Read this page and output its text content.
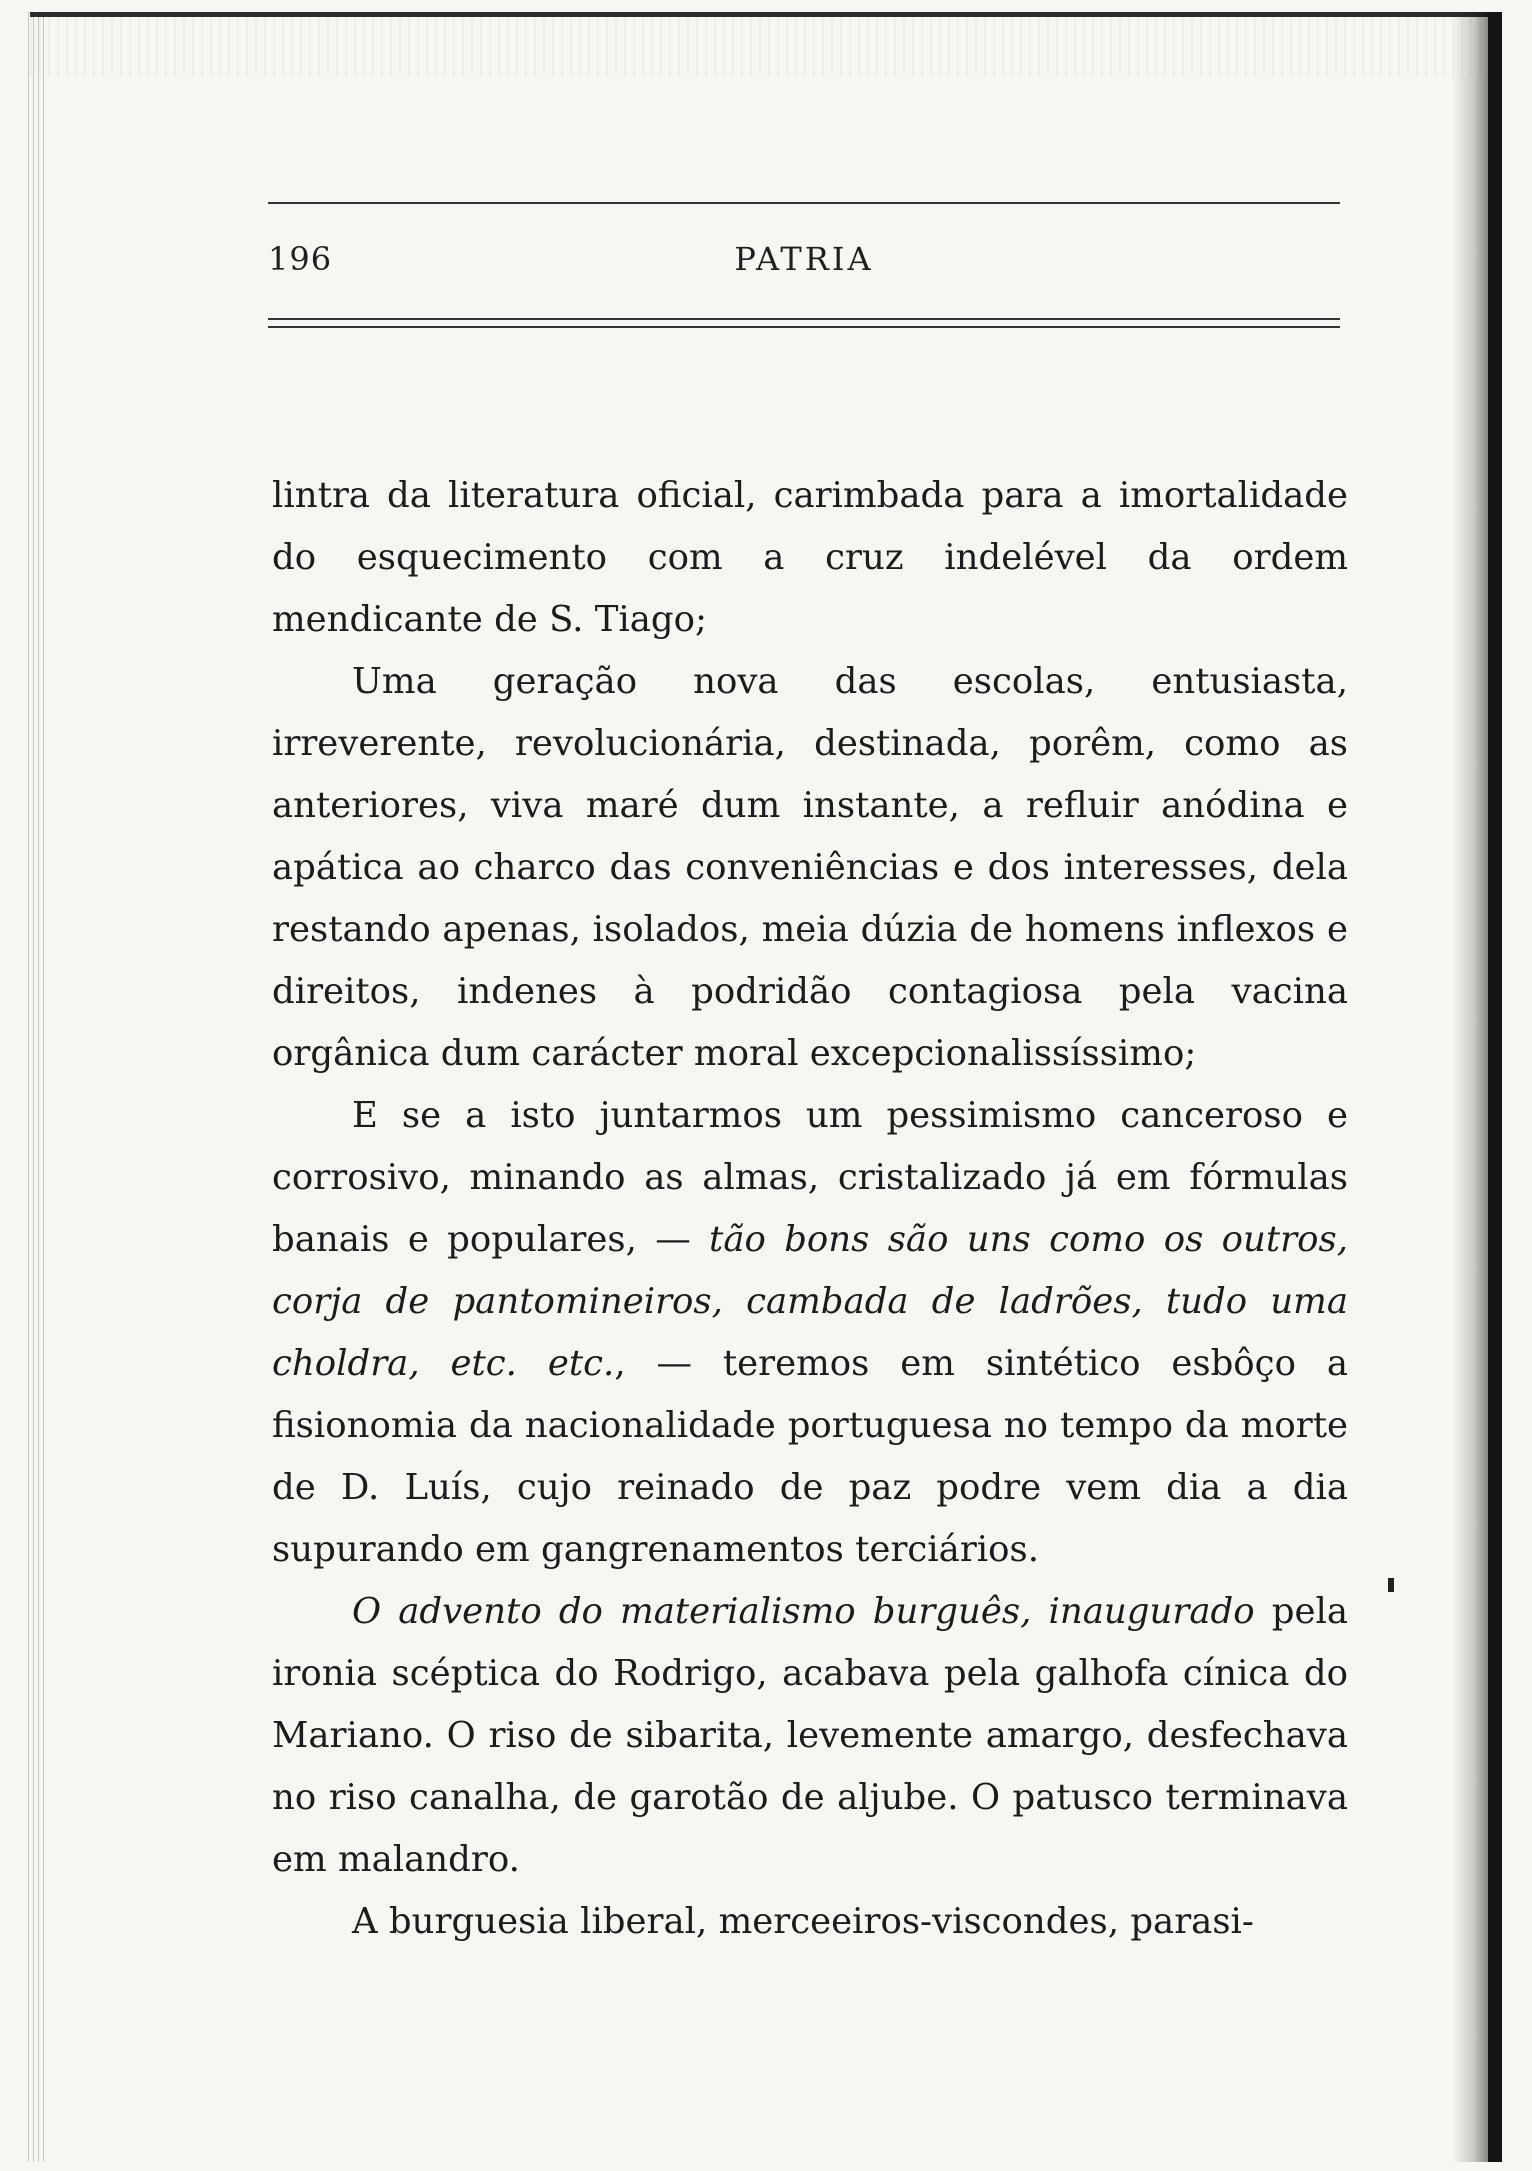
196	PATRIA

lintra da literatura oficial, carimbada para a imortalidade do esquecimento com a cruz indelével da ordem mendicante de S. Tiago;

Uma geração nova das escolas, entusiasta, irreverente, revolucionária, destinada, porêm, como as anteriores, viva maré dum instante, a refluir anódina e apática ao charco das conveniências e dos interesses, dela restando apenas, isolados, meia dúzia de homens inflexos e direitos, indenes à podridão contagiosa pela vacina orgânica dum carácter moral excepcionalissíssimo;

E se a isto juntarmos um pessimismo canceroso e corrosivo, minando as almas, cristalizado já em fórmulas banais e populares, — tão bons são uns como os outros, corja de pantomineiros, cambada de ladrões, tudo uma choldra, etc. etc., — teremos em sintético esbôço a fisionomia da nacionalidade portuguesa no tempo da morte de D. Luís, cujo reinado de paz podre vem dia a dia supurando em gangrenamentos terciários.

O advento do materialismo burguês, inaugurado pela ironia scéptica do Rodrigo, acabava pela galhofa cínica do Mariano. O riso de sibarita, levemente amargo, desfechava no riso canalha, de garotão de aljube. O patusco terminava em malandro.

A burguesia liberal, merceeiros-viscondes, parasi-
